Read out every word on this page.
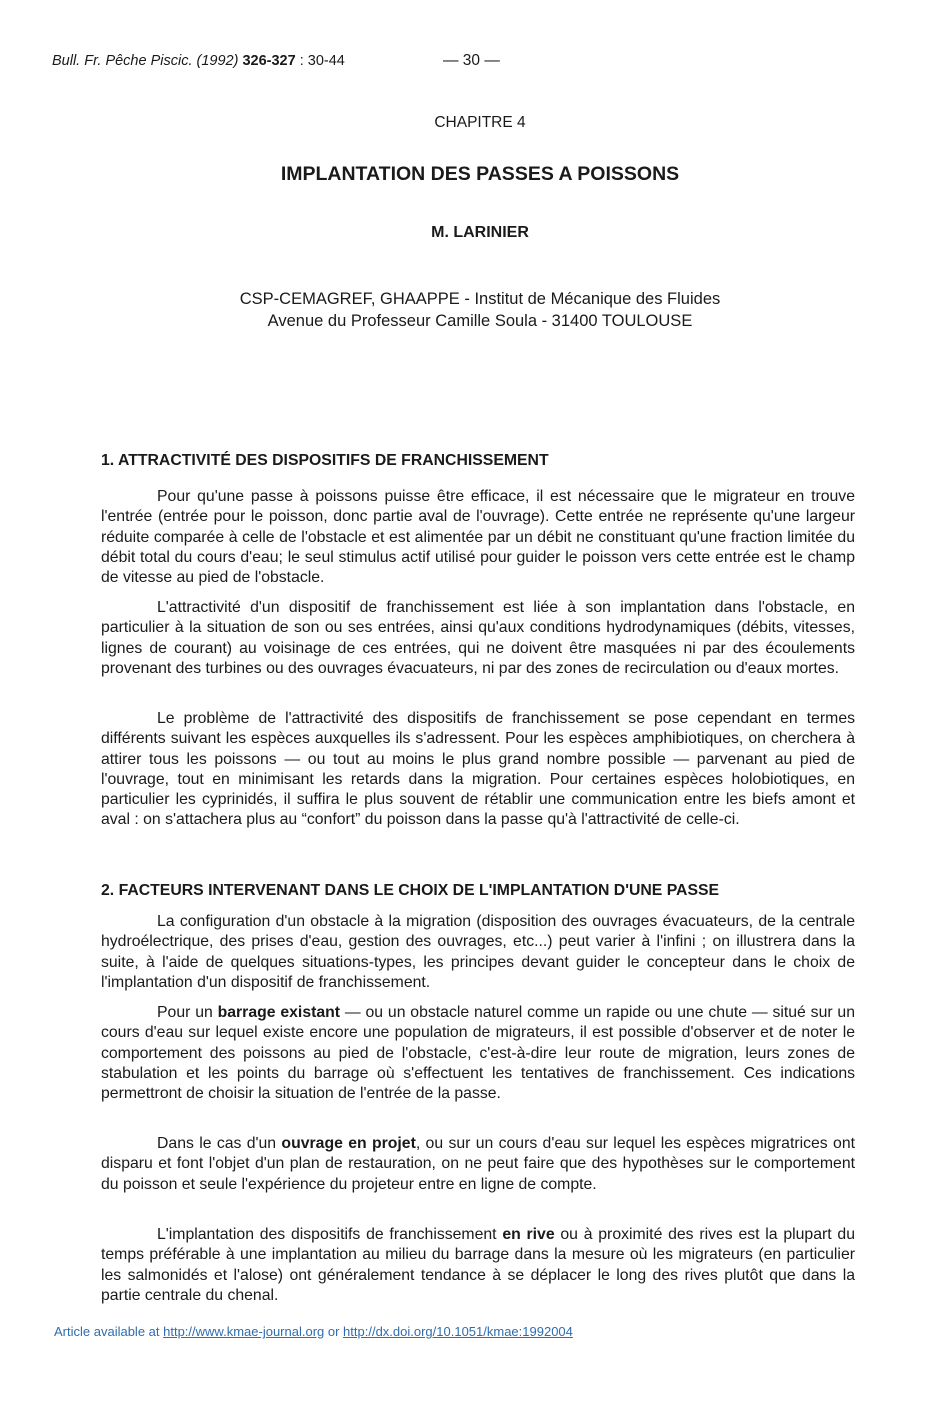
Bull. Fr. Pêche Piscic. (1992) 326-327 : 30-44	— 30 —
CHAPITRE 4
IMPLANTATION DES PASSES A POISSONS
M. LARINIER
CSP-CEMAGREF, GHAAPPE - Institut de Mécanique des Fluides
Avenue du Professeur Camille Soula - 31400 TOULOUSE
1. ATTRACTIVITÉ DES DISPOSITIFS DE FRANCHISSEMENT

Pour qu'une passe à poissons puisse être efficace, il est nécessaire que le migrateur en trouve l'entrée (entrée pour le poisson, donc partie aval de l'ouvrage). Cette entrée ne représente qu'une largeur réduite comparée à celle de l'obstacle et est alimentée par un débit ne constituant qu'une fraction limitée du débit total du cours d'eau; le seul stimulus actif utilisé pour guider le poisson vers cette entrée est le champ de vitesse au pied de l'obstacle.

L'attractivité d'un dispositif de franchissement est liée à son implantation dans l'obstacle, en particulier à la situation de son ou ses entrées, ainsi qu'aux conditions hydrodynamiques (débits, vitesses, lignes de courant) au voisinage de ces entrées, qui ne doivent être masquées ni par des écoulements provenant des turbines ou des ouvrages évacuateurs, ni par des zones de recirculation ou d'eaux mortes.

Le problème de l'attractivité des dispositifs de franchissement se pose cependant en termes différents suivant les espèces auxquelles ils s'adressent. Pour les espèces amphibiotiques, on cherchera à attirer tous les poissons — ou tout au moins le plus grand nombre possible — parvenant au pied de l'ouvrage, tout en minimisant les retards dans la migration. Pour certaines espèces holobiotiques, en particulier les cyprinidés, il suffira le plus souvent de rétablir une communication entre les biefs amont et aval : on s'attachera plus au “confort” du poisson dans la passe qu'à l'attractivité de celle-ci.

2. FACTEURS INTERVENANT DANS LE CHOIX DE L'IMPLANTATION D'UNE PASSE

La configuration d'un obstacle à la migration (disposition des ouvrages évacuateurs, de la centrale hydroélectrique, des prises d'eau, gestion des ouvrages, etc...) peut varier à l'infini ; on illustrera dans la suite, à l'aide de quelques situations-types, les principes devant guider le concepteur dans le choix de l'implantation d'un dispositif de franchissement.

Pour un barrage existant — ou un obstacle naturel comme un rapide ou une chute — situé sur un cours d'eau sur lequel existe encore une population de migrateurs, il est possible d'observer et de noter le comportement des poissons au pied de l'obstacle, c'est-à-dire leur route de migration, leurs zones de stabulation et les points du barrage où s'effectuent les tentatives de franchissement. Ces indications permettront de choisir la situation de l'entrée de la passe.

Dans le cas d'un ouvrage en projet, ou sur un cours d'eau sur lequel les espèces migratrices ont disparu et font l'objet d'un plan de restauration, on ne peut faire que des hypothèses sur le comportement du poisson et seule l'expérience du projeteur entre en ligne de compte.

L'implantation des dispositifs de franchissement en rive ou à proximité des rives est la plupart du temps préférable à une implantation au milieu du barrage dans la mesure où les migrateurs (en particulier les salmonidés et l'alose) ont généralement tendance à se déplacer le long des rives plutôt que dans la partie centrale du chenal.

Article available at http://www.kmae-journal.org or http://dx.doi.org/10.1051/kmae:1992004
